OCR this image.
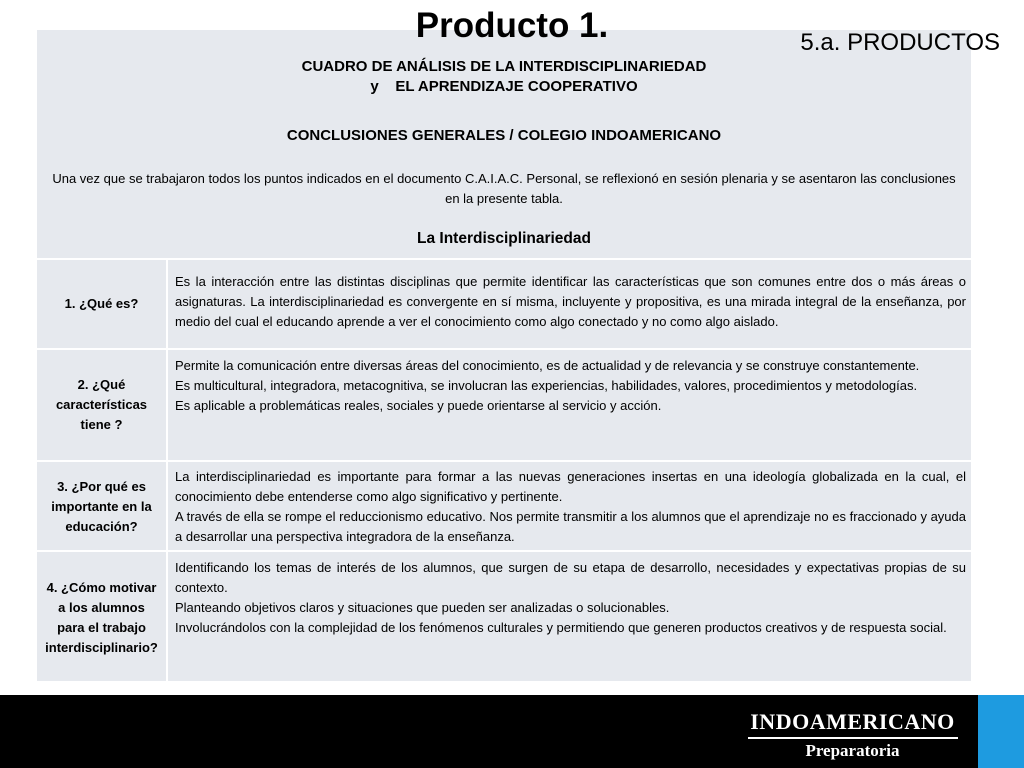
CUADRO DE ANÁLISIS DE LA INTERDISCIPLINARIEDAD
y    EL APRENDIZAJE COOPERATIVO
CONCLUSIONES GENERALES / COLEGIO INDOAMERICANO
Una vez que se trabajaron todos los puntos indicados en el documento C.A.I.A.C. Personal, se reflexionó en sesión plenaria y se asentaron las conclusiones en la presente tabla.
La Interdisciplinariedad
1. ¿Qué es?

Es la interacción entre las distintas disciplinas que permite identificar las características que son comunes entre dos o más áreas o asignaturas. La interdisciplinariedad es convergente en sí misma, incluyente y propositiva, es una mirada integral de la enseñanza, por medio del cual el educando aprende a ver el conocimiento como algo conectado y no como algo aislado.

2. ¿Qué características tiene ?

Permite la comunicación entre diversas áreas del conocimiento, es de actualidad y de relevancia y se construye constantemente.

Es multicultural, integradora, metacognitiva, se involucran las experiencias, habilidades, valores, procedimientos y metodologías.

Es aplicable a problemáticas reales, sociales y puede orientarse al servicio y acción.

3. ¿Por qué es importante en la educación?

La interdisciplinariedad es importante para formar a las nuevas generaciones insertas en una ideología globalizada en la cual, el conocimiento debe entenderse como algo significativo y pertinente.

A través de ella se rompe el reduccionismo educativo. Nos permite transmitir a los alumnos que el aprendizaje no es fraccionado y ayuda a desarrollar una perspectiva integradora de la enseñanza.

4. ¿Cómo motivar a los alumnos para el trabajo interdisciplinario?

Identificando los temas de interés de los alumnos, que surgen de su etapa de desarrollo, necesidades y expectativas propias de su contexto.

Planteando objetivos claros y situaciones que pueden ser analizadas o solucionables.

Involucrándolos con la complejidad de los fenómenos culturales y permitiendo que generen productos creativos y de respuesta social.

Producto 1.	5.a. PRODUCTOS
INDOAMERICANO
Preparatoria
